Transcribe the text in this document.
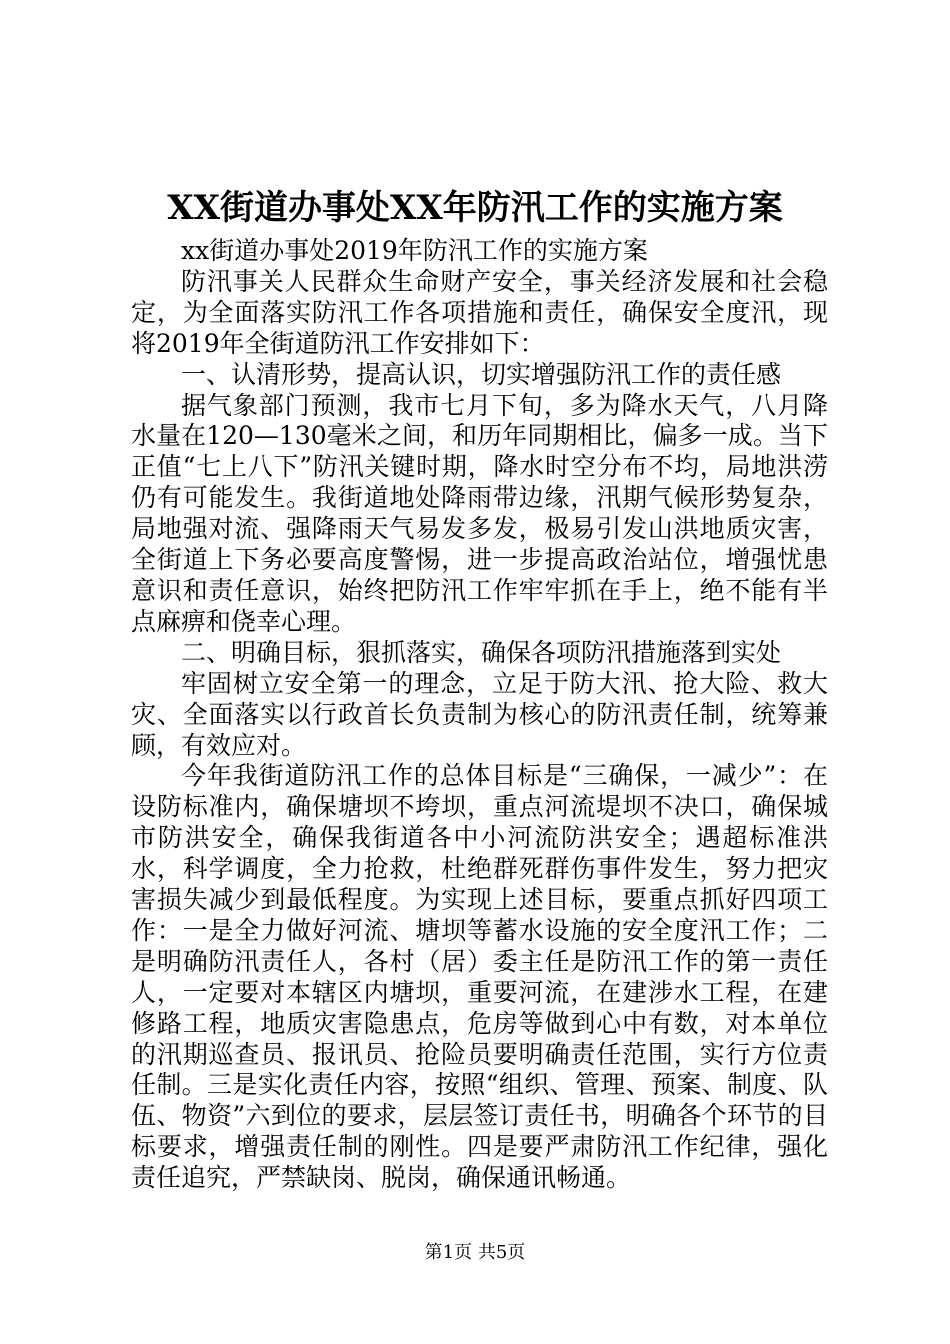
XX街道办事处XX年防汛工作的实施方案

xx街道办事处2019年防汛工作的实施方案

防汛事关人民群众生命财产安全，事关经济发展和社会稳定，为全面落实防汛工作各项措施和责任，确保安全度汛，现将2019年全街道防汛工作安排如下：

一、认清形势，提高认识，切实增强防汛工作的责任感

据气象部门预测，我市七月下旬，多为降水天气，八月降水量在120—130毫米之间，和历年同期相比，偏多一成。当下正值“七上八下”防汛关键时期，降水时空分布不均，局地洪涝仍有可能发生。我街道地处降雨带边缘，汛期气候形势复杂，局地强对流、强降雨天气易发多发，极易引发山洪地质灾害，全街道上下务必要高度警惕，进一步提高政治站位，增强忧患意识和责任意识，始终把防汛工作牢牢抓在手上，绝不能有半点麻痹和侥幸心理。

二、明确目标，狠抓落实，确保各项防汛措施落到实处

牢固树立安全第一的理念，立足于防大汛、抢大险、救大灾、全面落实以行政首长负责制为核心的防汛责任制，统筹兼顾，有效应对。

今年我街道防汛工作的总体目标是“三确保，一减少”：在设防标准内，确保塘坝不垮坝，重点河流堤坝不决口，确保城市防洪安全，确保我街道各中小河流防洪安全；遇超标准洪水，科学调度，全力抢救，杜绝群死群伤事件发生，努力把灾害损失减少到最低程度。为实现上述目标，要重点抓好四项工作：一是全力做好河流、塘坝等蓄水设施的安全度汛工作；二是明确防汛责任人，各村（居）委主任是防汛工作的第一责任人，一定要对本辖区内塘坝，重要河流，在建涉水工程，在建修路工程，地质灾害隐患点，危房等做到心中有数，对本单位的汛期巡查员、报讯员、抢险员要明确责任范围，实行方位责任制。三是实化责任内容，按照“组织、管理、预案、制度、队伍、物资”六到位的要求，层层签订责任书，明确各个环节的目标要求，增强责任制的刚性。四是要严肃防汛工作纪律，强化责任追究，严禁缺岗、脱岗，确保通讯畅通。

第1页 共5页
